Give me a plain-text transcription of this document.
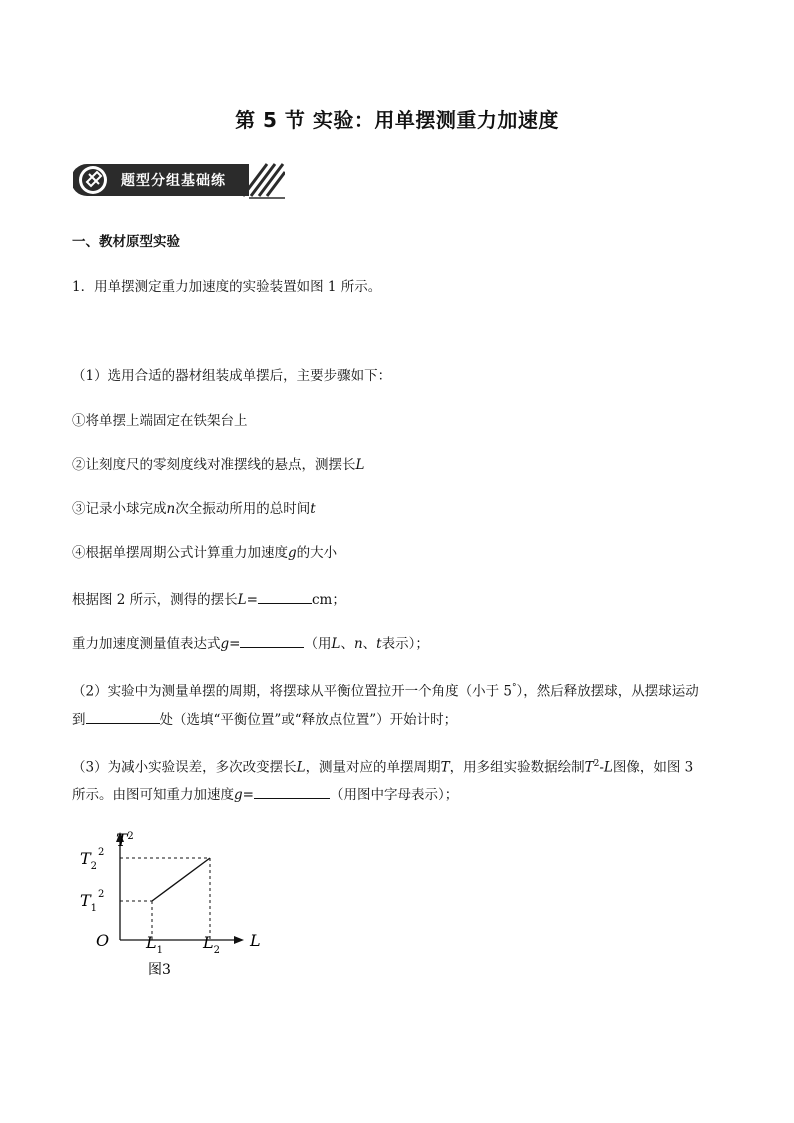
第 5 节 实验：用单摆测重力加速度
题型分组基础练
一、教材原型实验
1．用单摆测定重力加速度的实验装置如图 1 所示。
（1）选用合适的器材组装成单摆后，主要步骤如下：
①将单摆上端固定在铁架台上
②让刻度尺的零刻度线对准摆线的悬点，测摆长L
③记录小球完成n次全振动所用的总时间t
④根据单摆周期公式计算重力加速度g的大小
根据图 2 所示，测得的摆长L=	cm；
重力加速度测量值表达式g=	（用L、n、t表示）；
（2）实验中为测量单摆的周期，将摆球从平衡位置拉开一个角度（小于 5°），然后释放摆球，从摆球运动
到	处（选填“平衡位置”或“释放点位置”）开始计时；
（3）为减小实验误差，多次改变摆长L，测量对应的单摆周期T，用多组实验数据绘制$T^2-L$图像，如图 3
所示。由图可知重力加速度g=	（用图中字母表示）；
$T^2$
$T_2^2$
$T_1^2$
O $L_1$	$L_2$
L
图3
